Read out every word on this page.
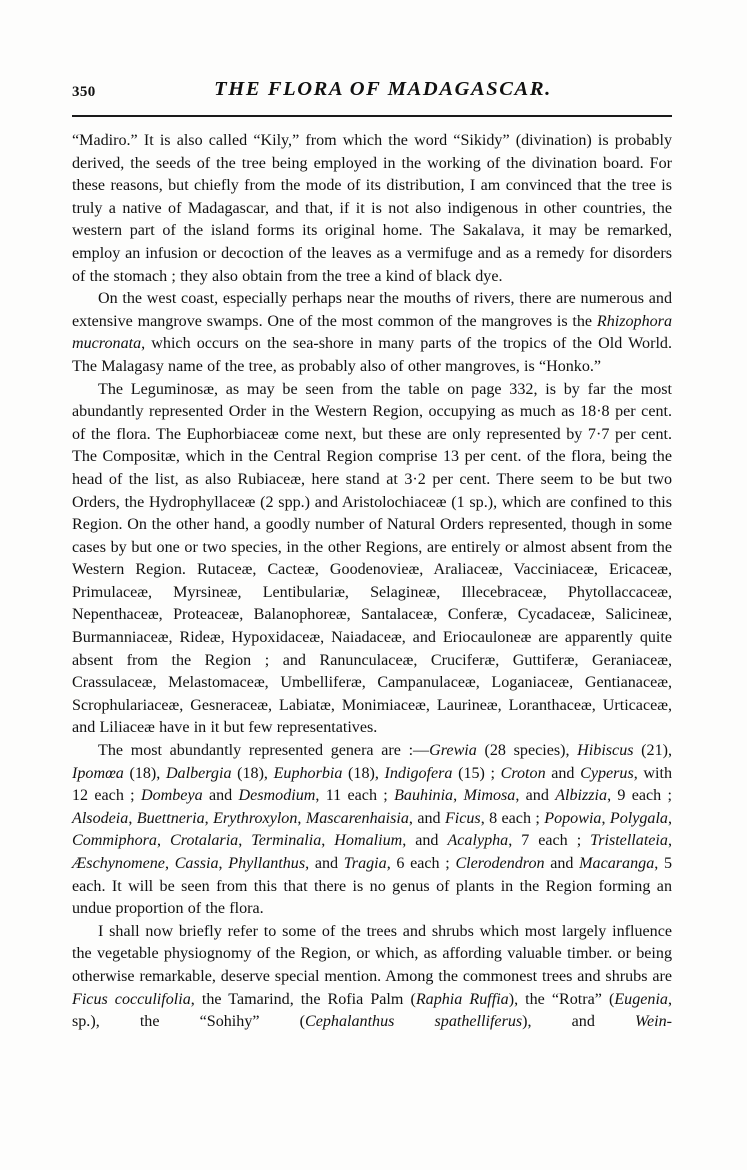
350	THE FLORA OF MADAGASCAR.

“Madiro.” It is also called “Kily,” from which the word “Sikidy” (divination) is probably derived, the seeds of the tree being employed in the working of the divination board. For these reasons, but chiefly from the mode of its distribution, I am convinced that the tree is truly a native of Madagascar, and that, if it is not also indigenous in other countries, the western part of the island forms its original home. The Sakalava, it may be remarked, employ an infusion or decoction of the leaves as a vermifuge and as a remedy for disorders of the stomach ; they also obtain from the tree a kind of black dye.

On the west coast, especially perhaps near the mouths of rivers, there are numerous and extensive mangrove swamps. One of the most common of the mangroves is the Rhizophora mucronata, which occurs on the sea-shore in many parts of the tropics of the Old World. The Malagasy name of the tree, as probably also of other mangroves, is “Honko.”

The Leguminosæ, as may be seen from the table on page 332, is by far the most abundantly represented Order in the Western Region, occupying as much as 18·8 per cent. of the flora. The Euphorbiaceæ come next, but these are only represented by 7·7 per cent. The Compositæ, which in the Central Region comprise 13 per cent. of the flora, being the head of the list, as also Rubiaceæ, here stand at 3·2 per cent. There seem to be but two Orders, the Hydrophyllaceæ (2 spp.) and Aristolochiaceæ (1 sp.), which are confined to this Region. On the other hand, a goodly number of Natural Orders represented, though in some cases by but one or two species, in the other Regions, are entirely or almost absent from the Western Region. Rutaceæ, Cacteæ, Goodenovieæ, Araliaceæ, Vacciniaceæ, Ericaceæ, Primulaceæ, Myrsineæ, Lentibulariæ, Selagineæ, Illecebraceæ, Phytollaccaceæ, Nepenthaceæ, Proteaceæ, Balanophoreæ, Santalaceæ, Conferæ, Cycadaceæ, Salicineæ, Burmanniaceæ, Rideæ, Hypoxidaceæ, Naiadaceæ, and Eriocauloneæ are apparently quite absent from the Region ; and Ranunculaceæ, Cruciferæ, Guttiferæ, Geraniaceæ, Crassulaceæ, Melastomaceæ, Umbelliferæ, Campanulaceæ, Loganiaceæ, Gentianaceæ, Scrophulariaceæ, Gesneraceæ, Labiatæ, Monimiaceæ, Laurineæ, Loranthaceæ, Urticaceæ, and Liliaceæ have in it but few representatives.

The most abundantly represented genera are :—Grewia (28 species), Hibiscus (21), Ipomœa (18), Dalbergia (18), Euphorbia (18), Indigofera (15) ; Croton and Cyperus, with 12 each ; Dombeya and Desmodium, 11 each ; Bauhinia, Mimosa, and Albizzia, 9 each ; Alsodeia, Buettneria, Erythroxylon, Mascarenhaisia, and Ficus, 8 each ; Popowia, Polygala, Commiphora, Crotalaria, Terminalia, Homalium, and Acalypha, 7 each ; Tristellateia, Æschynomene, Cassia, Phyllanthus, and Tragia, 6 each ; Clerodendron and Macaranga, 5 each. It will be seen from this that there is no genus of plants in the Region forming an undue proportion of the flora.

I shall now briefly refer to some of the trees and shrubs which most largely influence the vegetable physiognomy of the Region, or which, as affording valuable timber. or being otherwise remarkable, deserve special mention. Among the commonest trees and shrubs are Ficus cocculifolia, the Tamarind, the Rofia Palm (Raphia Ruffia), the “Rotra” (Eugenia, sp.), the “Sohihy” (Cephalanthus spathelliferus), and Wein-
